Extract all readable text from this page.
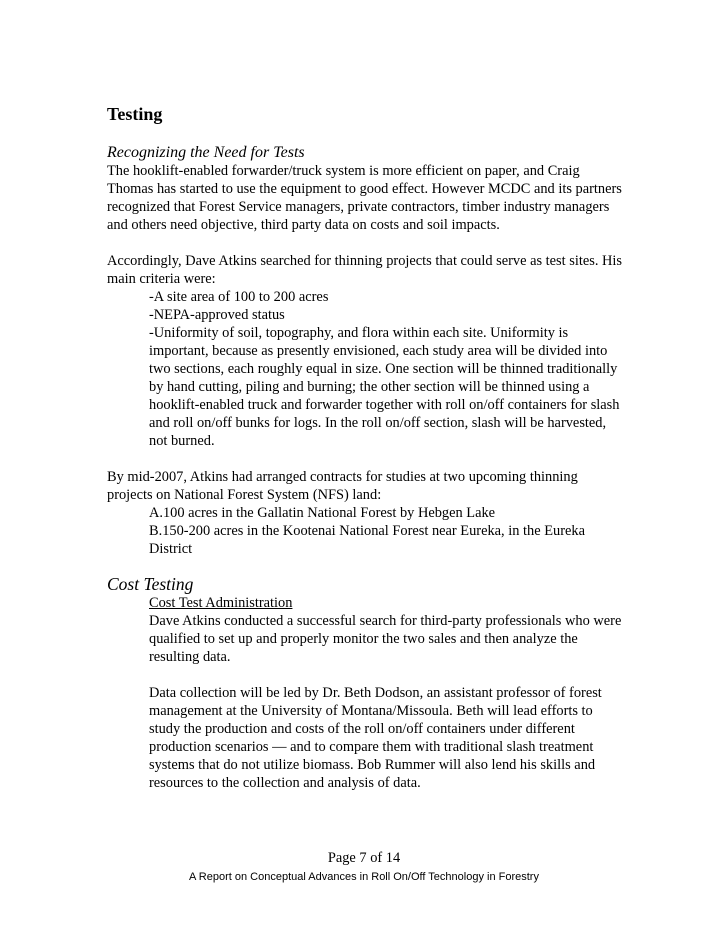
Testing
Recognizing the Need for Tests

The hooklift-enabled forwarder/truck system is more efficient on paper, and Craig

Thomas has started to use the equipment to good effect. However MCDC and its partners

recognized that Forest Service managers, private contractors, timber industry managers

and others need objective, third party data on costs and soil impacts.

Accordingly, Dave Atkins searched for thinning projects that could serve as test sites. His

main criteria were:

-A site area of 100 to 200 acres

-NEPA-approved status

-Uniformity of soil, topography, and flora within each site. Uniformity is

important, because as presently envisioned, each study area will be divided into

two sections, each roughly equal in size. One section will be thinned traditionally

by hand cutting, piling and burning; the other section will be thinned using a

hooklift-enabled truck and forwarder together with roll on/off containers for slash

and roll on/off bunks for logs. In the roll on/off section, slash will be harvested,

not burned.

By mid-2007, Atkins had arranged contracts for studies at two upcoming thinning

projects on National Forest System (NFS) land:

A.100 acres in the Gallatin National Forest by Hebgen Lake

B.150-200 acres in the Kootenai National Forest near Eureka, in the Eureka

District

Cost Testing

Cost Test Administration

Dave Atkins conducted a successful search for third-party professionals who were

qualified to set up and properly monitor the two sales and then analyze the

resulting data.

Data collection will be led by Dr. Beth Dodson, an assistant professor of forest

management at the University of Montana/Missoula. Beth will lead efforts to

study the production and costs of the roll on/off containers under different

production scenarios — and to compare them with traditional slash treatment

systems that do not utilize biomass. Bob Rummer will also lend his skills and

resources to the collection and analysis of data.

Page 7 of 14
A Report on Conceptual Advances in Roll On/Off Technology in Forestry
